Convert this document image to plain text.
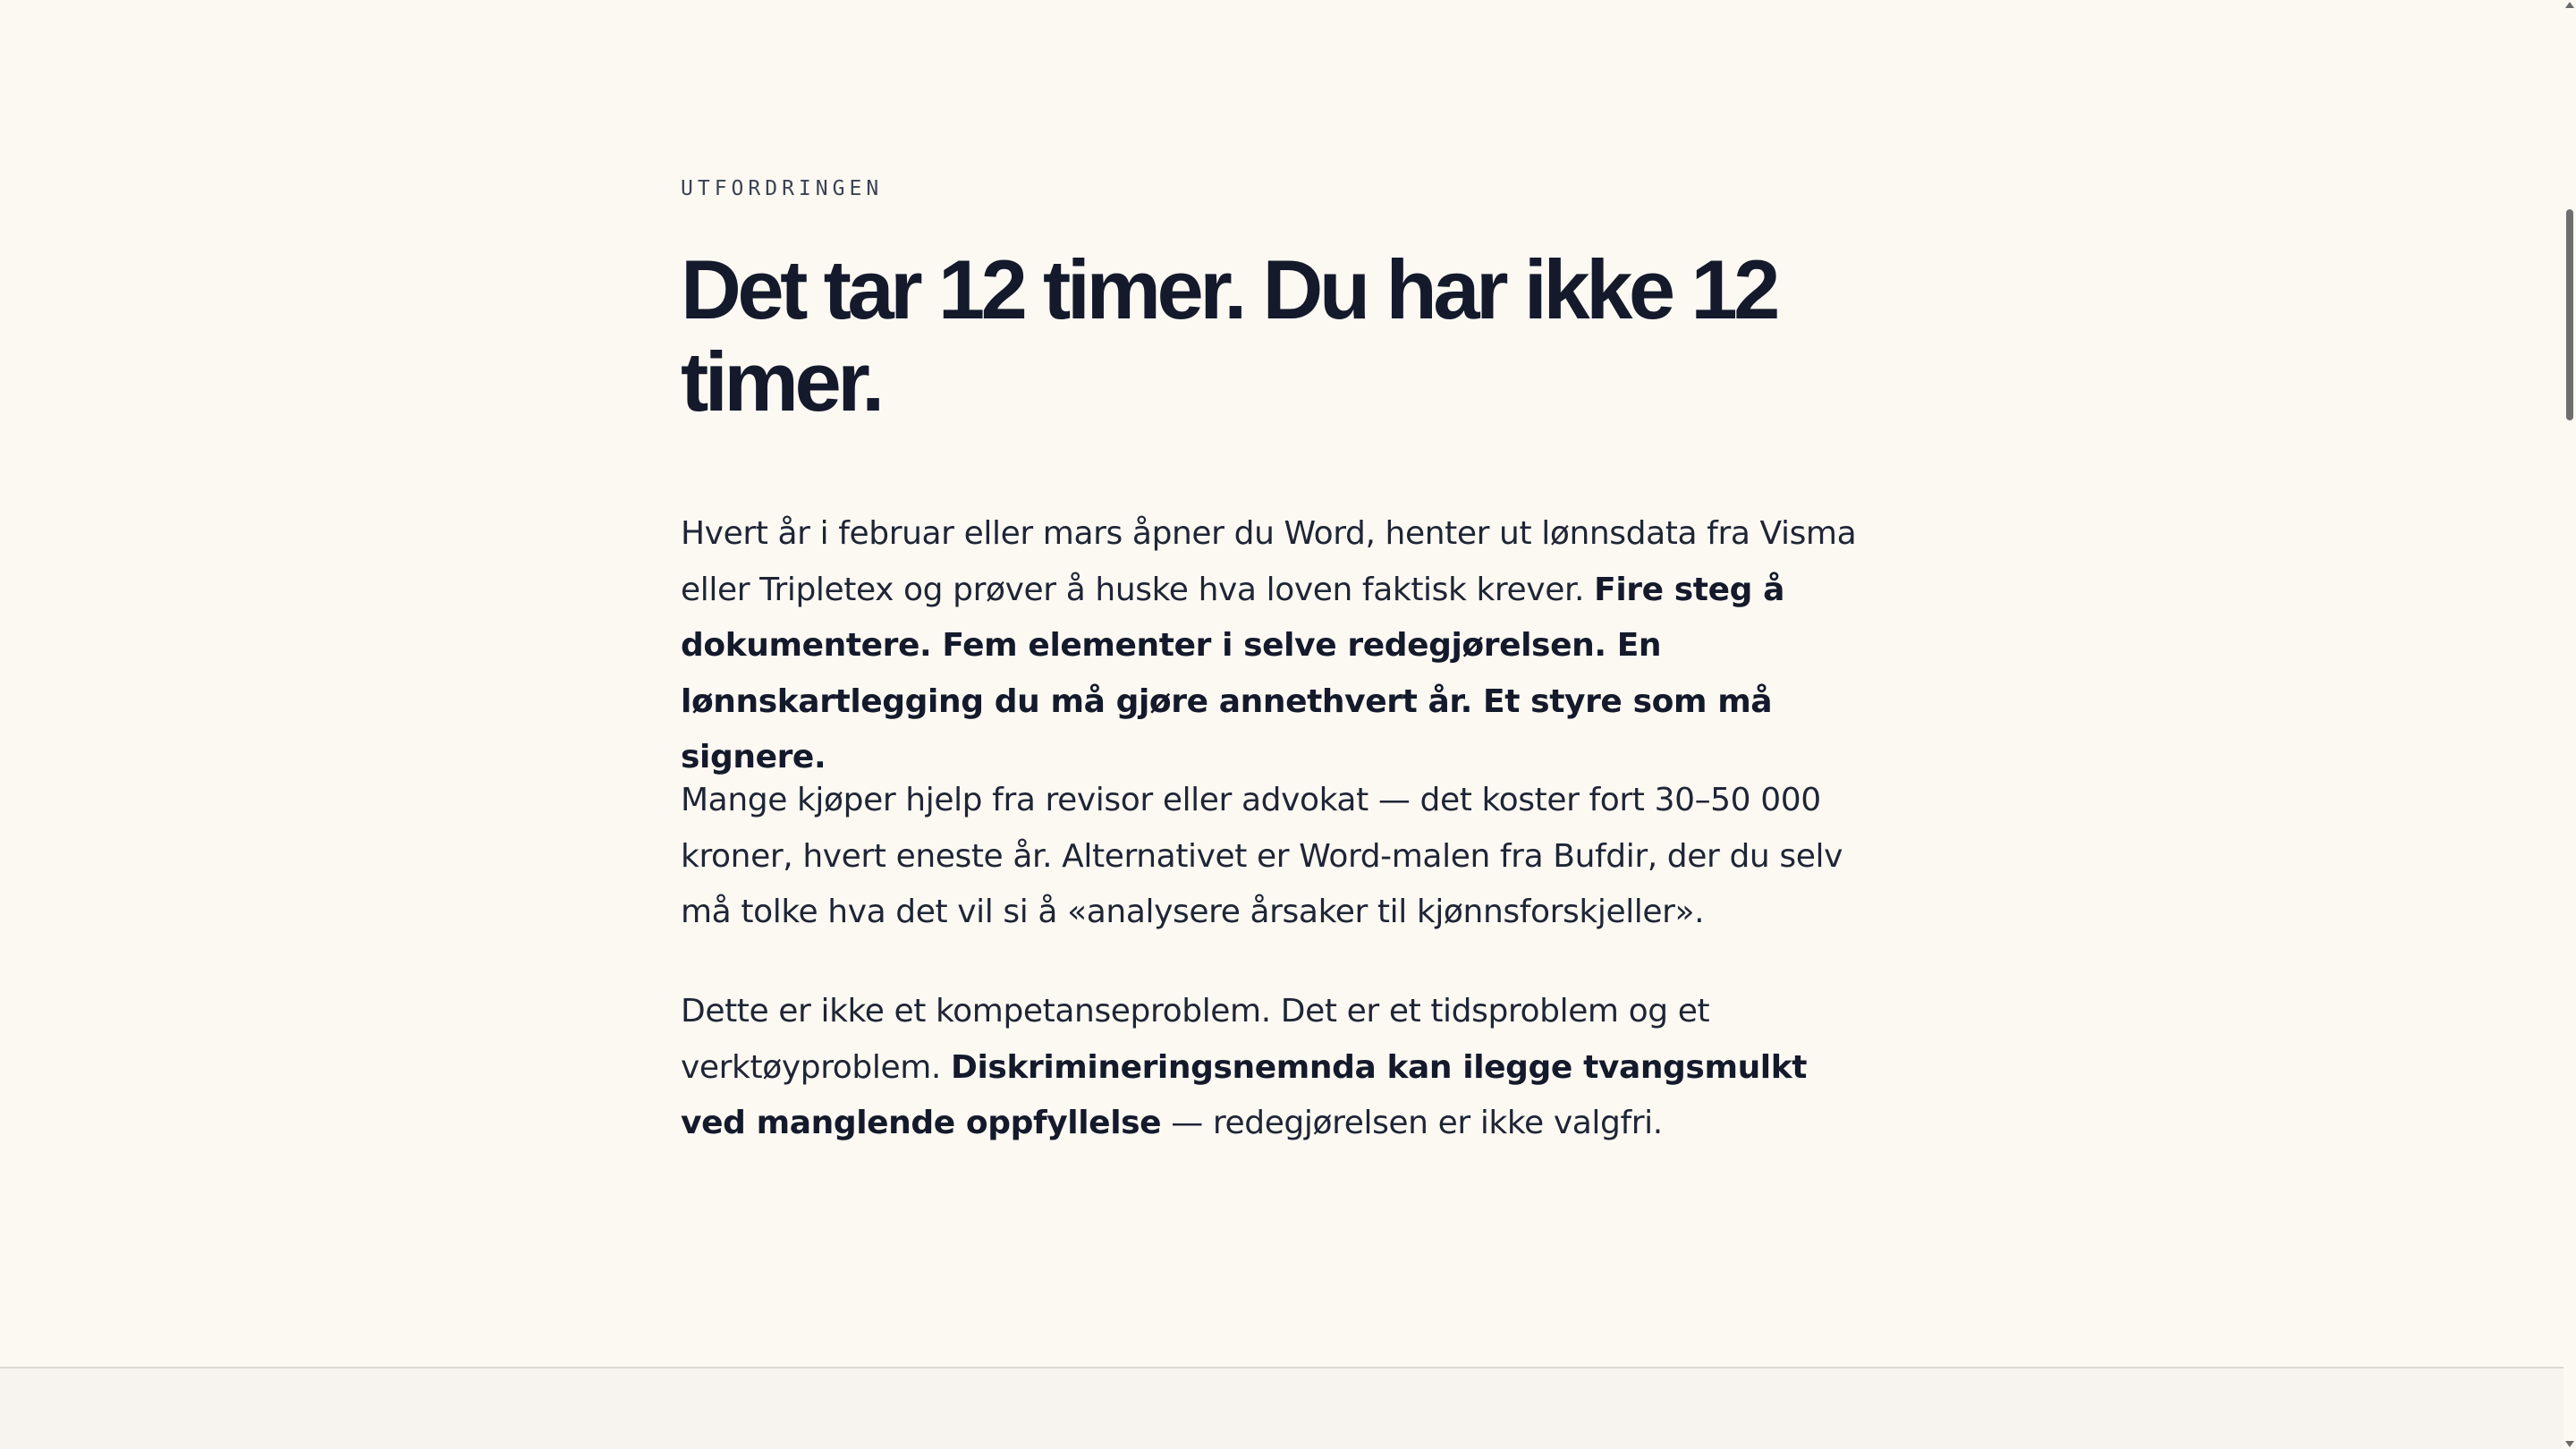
UTFORDRINGEN

Det tar 12 timer. Du har ikke 12 timer.

Hvert år i februar eller mars åpner du Word, henter ut lønnsdata fra Visma eller Tripletex og prøver å huske hva loven faktisk krever. Fire steg å dokumentere. Fem elementer i selve redegjørelsen. En lønnskartlegging du må gjøre annethvert år. Et styre som må signere.

Mange kjøper hjelp fra revisor eller advokat — det koster fort 30–50 000 kroner, hvert eneste år. Alternativet er Word-malen fra Bufdir, der du selv må tolke hva det vil si å «analysere årsaker til kjønnsforskjeller».

Dette er ikke et kompetanseproblem. Det er et tidsproblem og et verktøyproblem. Diskrimineringsnemnda kan ilegge tvangsmulkt ved manglende oppfyllelse — redegjørelsen er ikke valgfri.
